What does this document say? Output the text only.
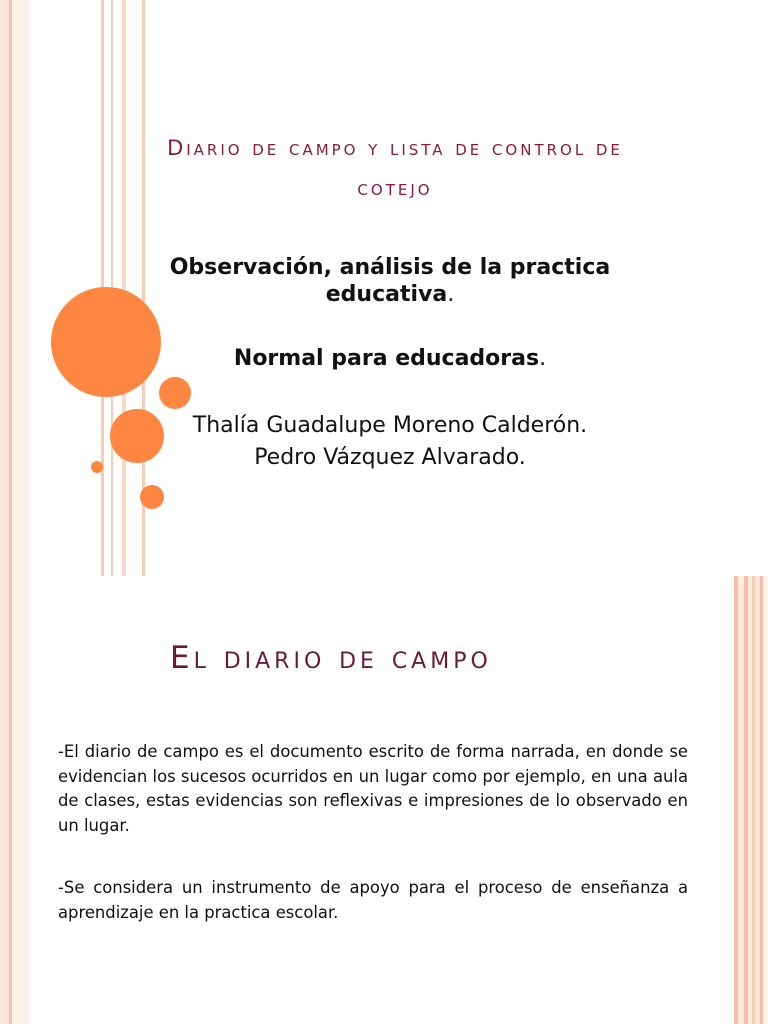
Diario de campo y lista de control de
cotejo
Observación, análisis de la practica
educativa.
Normal para educadoras.
Thalía Guadalupe Moreno Calderón.
Pedro Vázquez Alvarado.
El diario de campo
-El diario de campo es el documento escrito de forma narrada, en donde se evidencian los sucesos ocurridos en un lugar como por ejemplo, en una aula de clases, estas evidencias son reflexivas e impresiones de lo observado en un lugar.
-Se considera un instrumento de apoyo para el proceso de enseñanza a aprendizaje en la practica escolar.
